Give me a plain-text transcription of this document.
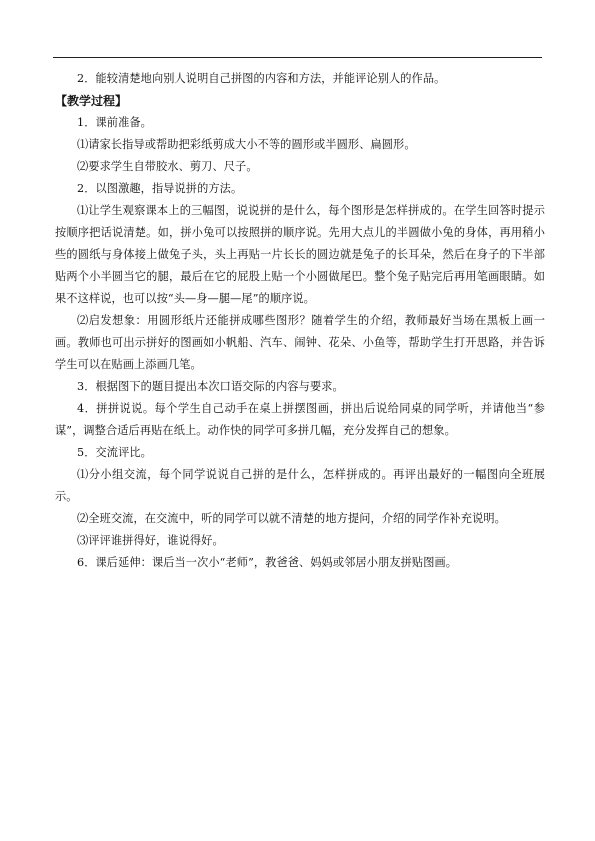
2．能较清楚地向别人说明自己拼图的内容和方法，并能评论别人的作品。

【教学过程】

1．课前准备。

⑴请家长指导或帮助把彩纸剪成大小不等的圆形或半圆形、扁圆形。

⑵要求学生自带胶水、剪刀、尺子。

2．以图激趣，指导说拼的方法。

⑴让学生观察课本上的三幅图，说说拼的是什么，每个图形是怎样拼成的。在学生回答时提示按顺序把话说清楚。如，拼小兔可以按照拼的顺序说。先用大点儿的半圆做小兔的身体，再用稍小些的圆纸与身体接上做兔子头，头上再贴一片长长的圆边就是兔子的长耳朵，然后在身子的下半部贴两个小半圆当它的腿，最后在它的屁股上贴一个小圆做尾巴。整个兔子贴完后再用笔画眼睛。如果不这样说，也可以按“头—身—腿—尾”的顺序说。

⑵启发想象：用圆形纸片还能拼成哪些图形？随着学生的介绍，教师最好当场在黑板上画一画。教师也可出示拼好的图画如小帆船、汽车、闹钟、花朵、小鱼等，帮助学生打开思路，并告诉学生可以在贴画上添画几笔。

3．根据图下的题目提出本次口语交际的内容与要求。

4．拼拼说说。每个学生自己动手在桌上拼摆图画，拼出后说给同桌的同学听，并请他当“参谋”，调整合适后再贴在纸上。动作快的同学可多拼几幅，充分发挥自己的想象。

5．交流评比。

⑴分小组交流，每个同学说说自己拼的是什么，怎样拼成的。再评出最好的一幅图向全班展示。

⑵全班交流，在交流中，听的同学可以就不清楚的地方提问，介绍的同学作补充说明。

⑶评评谁拼得好，谁说得好。

6．课后延伸：课后当一次小“老师”，教爸爸、妈妈或邻居小朋友拼贴图画。
